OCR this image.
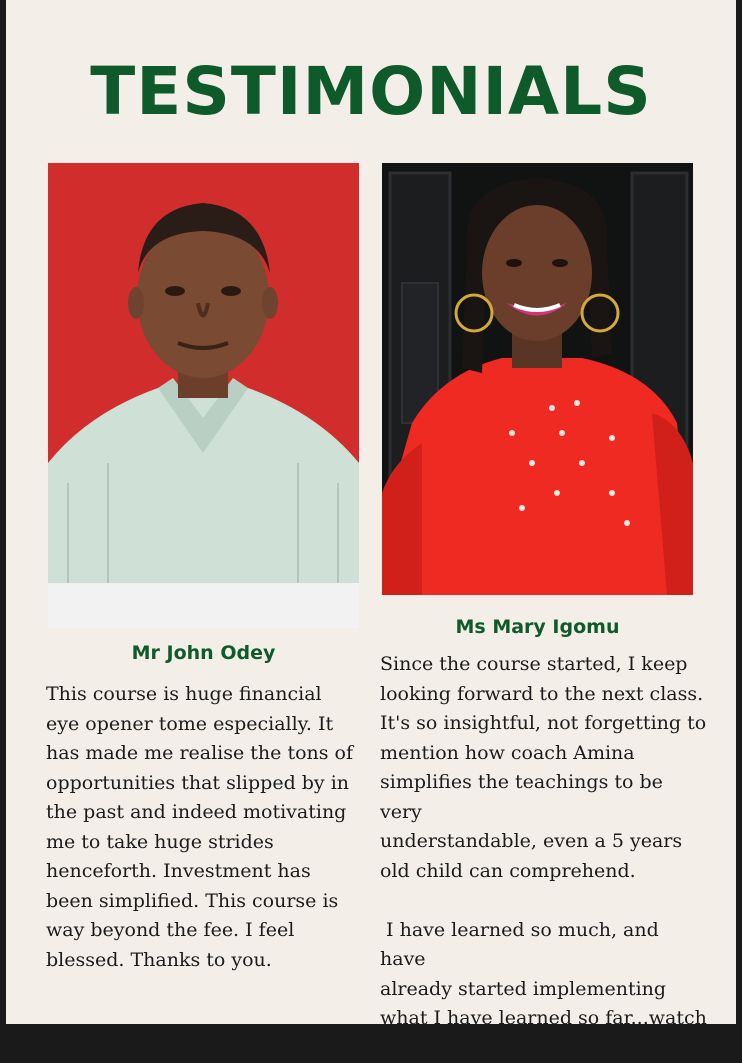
TESTIMONIALS
Mr John Odey
This course is huge financial
eye opener tome especially. It
has made me realise the tons of
opportunities that slipped by in
the past and indeed motivating
me to take huge strides
henceforth. Investment has
been simplified. This course is
way beyond the fee. I feel
blessed. Thanks to you.
Ms Mary Igomu
Since the course started, I keep
looking forward to the next class.
It's so insightful, not forgetting to
mention how coach Amina
simplifies the teachings to be very
understandable, even a 5 years
old child can comprehend.

I have learned so much, and have
already started implementing
what I have learned so far...watch
out for the next big thing loading.
